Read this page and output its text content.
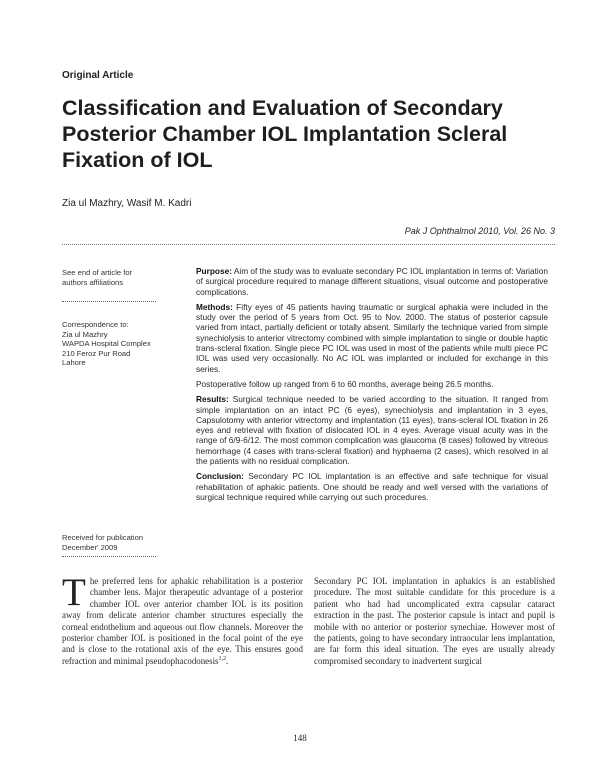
Original Article
Classification and Evaluation of Secondary Posterior Chamber IOL Implantation Scleral Fixation of IOL
Zia ul Mazhry, Wasif M. Kadri
Pak J Ophthalmol 2010, Vol. 26 No. 3
See end of article for
authors affiliations
Correspondence to:
Zia ul Mazhry
WAPDA Hospital Complex
210 Feroz Pur Road
Lahore
Received for publication
December' 2009

Purpose: Aim of the study was to evaluate secondary PC IOL implantation in terms of: Variation of surgical procedure required to manage different situations, visual outcome and postoperative complications.

Methods: Fifty eyes of 45 patients having traumatic or surgical aphakia were included in the study over the period of 5 years from Oct. 95 to Nov. 2000. The status of posterior capsule varied from intact, partially deficient or totally absent. Similarly the technique varied from simple synechiolysis to anterior vitrectomy combined with simple implantation to single or double haptic trans-scleral fixation. Single piece PC IOL was used in most of the patients while multi piece PC IOL was used very occasionally. No AC IOL was implanted or included for exchange in this series.

Postoperative follow up ranged from 6 to 60 months, average being 26.5 months.

Results: Surgical technique needed to be varied according to the situation. It ranged from simple implantation on an intact PC (6 eyes), synechiolysis and implantation in 3 eyes, Capsulotomy with anterior vitrectomy and implantation (11 eyes), trans-scleral IOL fixation in 26 eyes and retrieval with fixation of dislocated IOL in 4 eyes. Average visual acuity was in the range of 6/9-6/12. The most common complication was glaucoma (8 cases) followed by vitreous hemorrhage (4 cases with trans-scleral fixation) and hyphaema (2 cases), which resolved in al the patients with no residual complication.

Conclusion: Secondary PC IOL implantation is an effective and safe technique for visual rehabilitation of aphakic patients. One should be ready and well versed with the variations of surgical technique required while carrying out such procedures.

The preferred lens for aphakic rehabilitation is a posterior chamber lens. Major therapeutic advantage of a posterior chamber IOL over anterior chamber IOL is its position away from delicate anterior chamber structures especially the corneal endothelium and aqueous out flow channels. Moreover the posterior chamber IOL is positioned in the focal point of the eye and is close to the rotational axis of the eye. This ensures good refraction and minimal pseudophacodonesis$^{1,2}$.
Secondary PC IOL implantation in aphakics is an established procedure. The most suitable candidate for this procedure is a patient who had had uncomplicated extra capsular cataract extraction in the past. The posterior capsule is intact and pupil is mobile with no anterior or posterior synechiae. However most of the patients, going to have secondary intraocular lens implantation, are far form this ideal situation. The eyes are usually already compromised secondary to inadvertent surgical
148
